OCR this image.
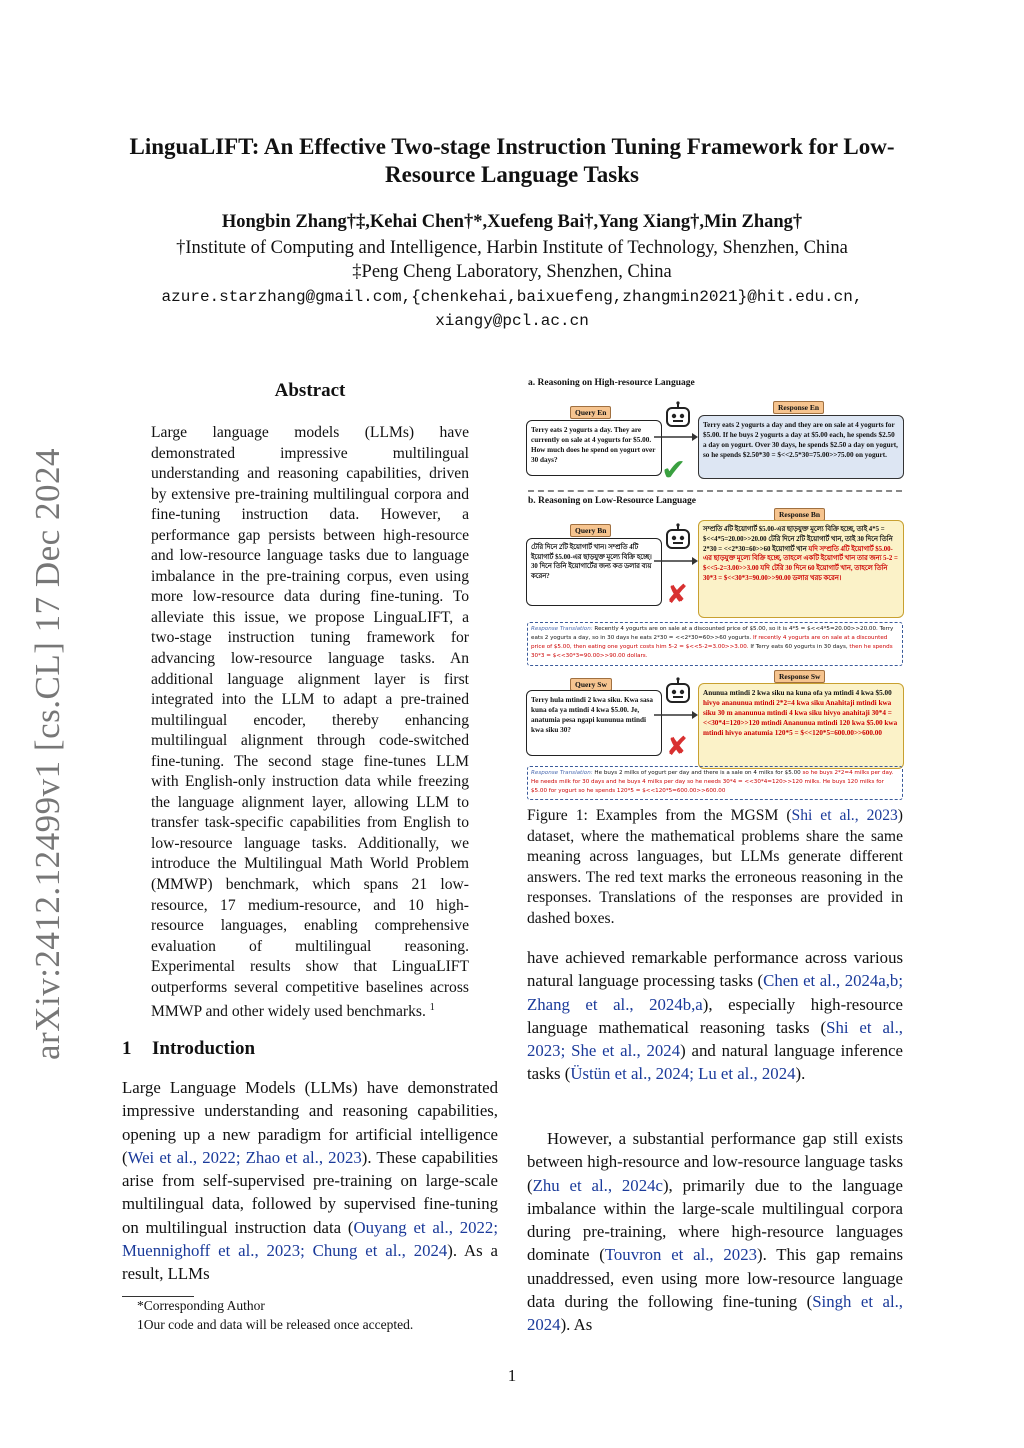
LinguaLIFT: An Effective Two-stage Instruction Tuning Framework for Low-Resource Language Tasks
Hongbin Zhang†‡,Kehai Chen†*,Xuefeng Bai†,Yang Xiang†,Min Zhang†
†Institute of Computing and Intelligence, Harbin Institute of Technology, Shenzhen, China
‡Peng Cheng Laboratory, Shenzhen, China
azure.starzhang@gmail.com,{chenkehai,baixuefeng,zhangmin2021}@hit.edu.cn,
xiangy@pcl.ac.cn
arXiv:2412.12499v1 [cs.CL] 17 Dec 2024
Abstract
Large language models (LLMs) have demonstrated impressive multilingual understanding and reasoning capabilities, driven by extensive pre-training multilingual corpora and fine-tuning instruction data. However, a performance gap persists between high-resource and low-resource language tasks due to language imbalance in the pre-training corpus, even using more low-resource data during fine-tuning. To alleviate this issue, we propose LinguaLIFT, a two-stage instruction tuning framework for advancing low-resource language tasks. An additional language alignment layer is first integrated into the LLM to adapt a pre-trained multilingual encoder, thereby enhancing multilingual alignment through code-switched fine-tuning. The second stage fine-tunes LLM with English-only instruction data while freezing the language alignment layer, allowing LLM to transfer task-specific capabilities from English to low-resource language tasks. Additionally, we introduce the Multilingual Math World Problem (MMWP) benchmark, which spans 21 low-resource, 17 medium-resource, and 10 high-resource languages, enabling comprehensive evaluation of multilingual reasoning. Experimental results show that LinguaLIFT outperforms several competitive baselines across MMWP and other widely used benchmarks. $^1$
1 Introduction
Large Language Models (LLMs) have demonstrated impressive understanding and reasoning capabilities, opening up a new paradigm for artificial intelligence (Wei et al., 2022; Zhao et al., 2023). These capabilities arise from self-supervised pre-training on large-scale multilingual data, followed by supervised fine-tuning on multilingual instruction data (Ouyang et al., 2022; Muennighoff et al., 2023; Chung et al., 2024). As a result, LLMs
*Corresponding Author
1Our code and data will be released once accepted.
a. Reasoning on High-resource Language
Query En
Terry eats 2 yogurts a day. They are currently on sale at 4 yogurts for $5.00. How much does he spend on yogurt over 30 days?
Response En
Terry eats 2 yogurts a day and they are on sale at 4 yogurts for $5.00. If he buys 2 yogurts a day at $5.00 each, he spends $2.50 a day on yogurt. Over 30 days, he spends $2.50 a day on yogurt, so he spends $2.50*30 = $<<2.5*30=75.00>>75.00 on yogurt.
✔
b. Reasoning on Low-Resource Language
Query Bn
টেরি দিনে 2টি ইয়োগার্ট খান। সম্প্রতি 4টি ইয়োগার্ট $5.00-এর ছাড়যুক্ত মূল্যে বিক্রি হচ্ছে। 30 দিনে তিনি ইয়োগার্টের জন্য কত ডলার ব্যয় করেন?
Response Bn
সম্প্রতি 4টি ইয়োগার্ট $5.00-এর ছাড়যুক্ত মূল্যে বিক্রি হচ্ছে, তাই 4*5 = $<<4*5=20.00>>20.00 টেরি দিনে 2টি ইয়োগার্ট খান, তাই 30 দিনে তিনি 2*30 = <<2*30=60>>60 ইয়োগার্ট খান যদি সম্প্রতি 4টি ইয়োগার্ট $5.00-এর ছাড়যুক্ত মূল্যে বিক্রি হচ্ছে, তাহলে একটি ইয়োগার্ট খান তার জন্য 5-2 = $<<5-2=3.00>>3.00 যদি টেরি 30 দিনে 60 ইয়োগার্ট খান, তাহলে তিনি 30*3 = $<<30*3=90.00>>90.00 ডলার খরচ করেন।
✘
Response Translation: Recently 4 yogurts are on sale at a discounted price of $5.00, so it is 4*5 = $<<4*5=20.00>>20.00. Terry eats 2 yogurts a day, so in 30 days he eats 2*30 = <<2*30=60>>60 yogurts. If recently 4 yogurts are on sale at a discounted price of $5.00, then eating one yogurt costs him 5-2 = $<<5-2=3.00>>3.00. If Terry eats 60 yogurts in 30 days, then he spends 30*3 = $<<30*3=90.00>>90.00 dollars.
Query Sw
Terry hula mtindi 2 kwa siku. Kwa sasa kuna ofa ya mtindi 4 kwa $5.00. Je, anatumia pesa ngapi kununua mtindi kwa siku 30?
Response Sw
Anunua mtindi 2 kwa siku na kuna ofa ya mtindi 4 kwa $5.00 hivyo ananunua mtindi 2*2=4 kwa siku Anahitaji mtindi kwa siku 30 m ananunua mtindi 4 kwa siku hivyo anahitaji 30*4 = <<30*4=120>>120 mtindi Ananunua mtindi 120 kwa $5.00 kwa mtindi hivyo anatumia 120*5 = $<<120*5=600.00>>600.00
✘
Response Translation: He buys 2 milks of yogurt per day and there is a sale on 4 milks for $5.00 so he buys 2*2=4 milks per day. He needs milk for 30 days and he buys 4 milks per day so he needs 30*4 = <<30*4=120>>120 milks. He buys 120 milks for $5.00 for yogurt so he spends 120*5 = $<<120*5=600.00>>600.00
Figure 1: Examples from the MGSM (Shi et al., 2023) dataset, where the mathematical problems share the same meaning across languages, but LLMs generate different answers. The red text marks the erroneous reasoning in the responses. Translations of the responses are provided in dashed boxes.
have achieved remarkable performance across various natural language processing tasks (Chen et al., 2024a,b; Zhang et al., 2024b,a), especially high-resource language mathematical reasoning tasks (Shi et al., 2023; She et al., 2024) and natural language inference tasks (Üstün et al., 2024; Lu et al., 2024).
However, a substantial performance gap still exists between high-resource and low-resource language tasks (Zhu et al., 2024c), primarily due to the language imbalance within the large-scale multilingual corpora during pre-training, where high-resource languages dominate (Touvron et al., 2023). This gap remains unaddressed, even using more low-resource language data during the following fine-tuning (Singh et al., 2024). As
1
